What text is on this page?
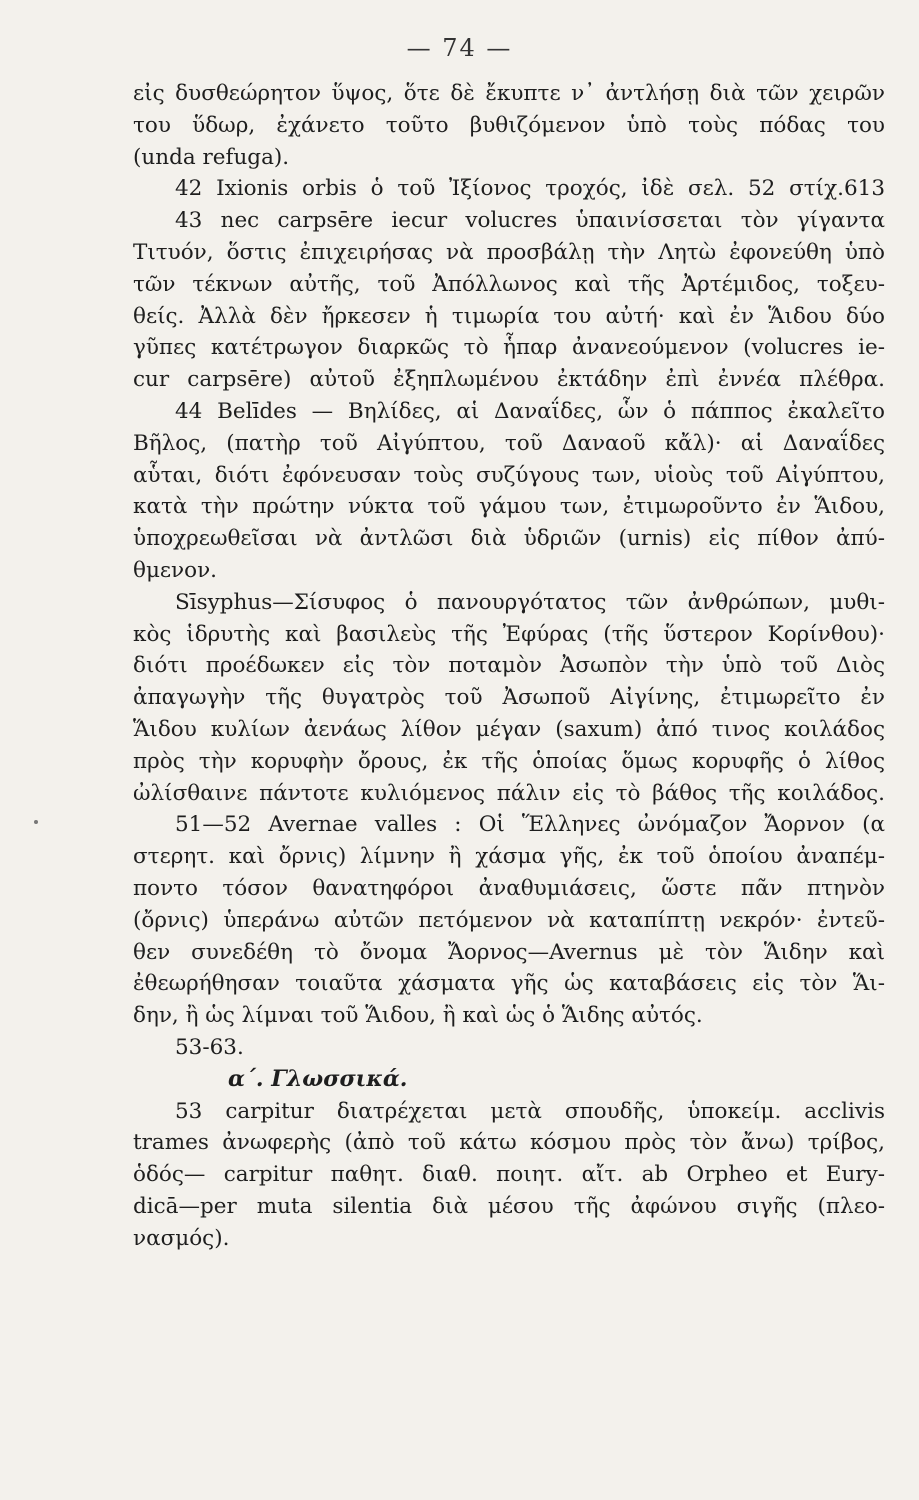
— 74 —
εἰς δυσθεώρητον ὕψος, ὅτε δὲ ἔκυπτε ν᾽ ἀντλήσῃ διὰ τῶν χειρῶν
του ὕδωρ, ἐχάνετο τοῦτο βυθιζόμενον ὑπὸ τοὺς πόδας του
(unda refuga).
42 Ixionis orbis ὁ τοῦ Ἰξίονος τροχός, ἰδὲ σελ. 52 στίχ.613
43 nec carpsēre iecur volucres ὑπαινίσσεται τὸν γίγαντα
Τιτυόν, ὅστις ἐπιχειρήσας νὰ προσβάλῃ τὴν Λητὼ ἐφονεύθη ὑπὸ
τῶν τέκνων αὐτῆς, τοῦ Ἀπόλλωνος καὶ τῆς Ἀρτέμιδος, τοξευ-
θείς. Ἀλλὰ δὲν ἤρκεσεν ἡ τιμωρία του αὐτή· καὶ ἐν Ἅιδου δύο
γῦπες κατέτρωγον διαρκῶς τὸ ἧπαρ ἀνανεούμενον (volucres ie-
cur carpsēre) αὐτοῦ ἐξηπλωμένου ἐκτάδην ἐπὶ ἐννέα πλέθρα.
44 Belīdes — Βηλίδες, αἱ Δαναΐδες, ὧν ὁ πάππος ἐκαλεῖτο
Βῆλος, (πατὴρ τοῦ Αἰγύπτου, τοῦ Δαναοῦ κἄλ)· αἱ Δαναΐδες
αὗται, διότι ἐφόνευσαν τοὺς συζύγους των, υἱοὺς τοῦ Αἰγύπτου,
κατὰ τὴν πρώτην νύκτα τοῦ γάμου των, ἐτιμωροῦντο ἐν Ἅιδου,
ὑποχρεωθεῖσαι νὰ ἀντλῶσι διὰ ὑδριῶν (urnis) εἰς πίθον ἀπύ-
θμενον.
Sīsyphus—Σίσυφος ὁ πανουργότατος τῶν ἀνθρώπων, μυθι-
κὸς ἱδρυτὴς καὶ βασιλεὺς τῆς Ἐφύρας (τῆς ὕστερον Κορίνθου)·
διότι προέδωκεν εἰς τὸν ποταμὸν Ἀσωπὸν τὴν ὑπὸ τοῦ Διὸς
ἀπαγωγὴν τῆς θυγατρὸς τοῦ Ἀσωποῦ Αἰγίνης, ἐτιμωρεῖτο ἐν
Ἅιδου κυλίων ἀενάως λίθον μέγαν (saxum) ἀπό τινος κοιλάδος
πρὸς τὴν κορυφὴν ὄρους, ἐκ τῆς ὁποίας ὅμως κορυφῆς ὁ λίθος
ὠλίσθαινε πάντοτε κυλιόμενος πάλιν εἰς τὸ βάθος τῆς κοιλάδος.
51—52 Avernae valles : Οἱ Ἕλληνες ὠνόμαζον Ἄορνον (α
στερητ. καὶ ὄρνις) λίμνην ἢ χάσμα γῆς, ἐκ τοῦ ὁποίου ἀναπέμ-
ποντο τόσον θανατηφόροι ἀναθυμιάσεις, ὥστε πᾶν πτηνὸν
(ὄρνις) ὑπεράνω αὐτῶν πετόμενον νὰ καταπίπτῃ νεκρόν· ἐντεῦ-
θεν συνεδέθη τὸ ὄνομα Ἄορνος—Avernus μὲ τὸν Ἅιδην καὶ
ἐθεωρήθησαν τοιαῦτα χάσματα γῆς ὡς καταβάσεις εἰς τὸν Ἅι-
δην, ἢ ὡς λίμναι τοῦ Ἅιδου, ἢ καὶ ὡς ὁ Ἅιδης αὐτός.
53-63.
α΄. Γλωσσικά.
53 carpitur διατρέχεται μετὰ σπουδῆς, ὑποκείμ. acclivis
trames ἀνωφερὴς (ἀπὸ τοῦ κάτω κόσμου πρὸς τὸν ἄνω) τρίβος,
ὁδός— carpitur παθητ. διαθ. ποιητ. αἴτ. ab Orpheo et Eury-
dicā—per muta silentia διὰ μέσου τῆς ἀφώνου σιγῆς (πλεο-
νασμός).
